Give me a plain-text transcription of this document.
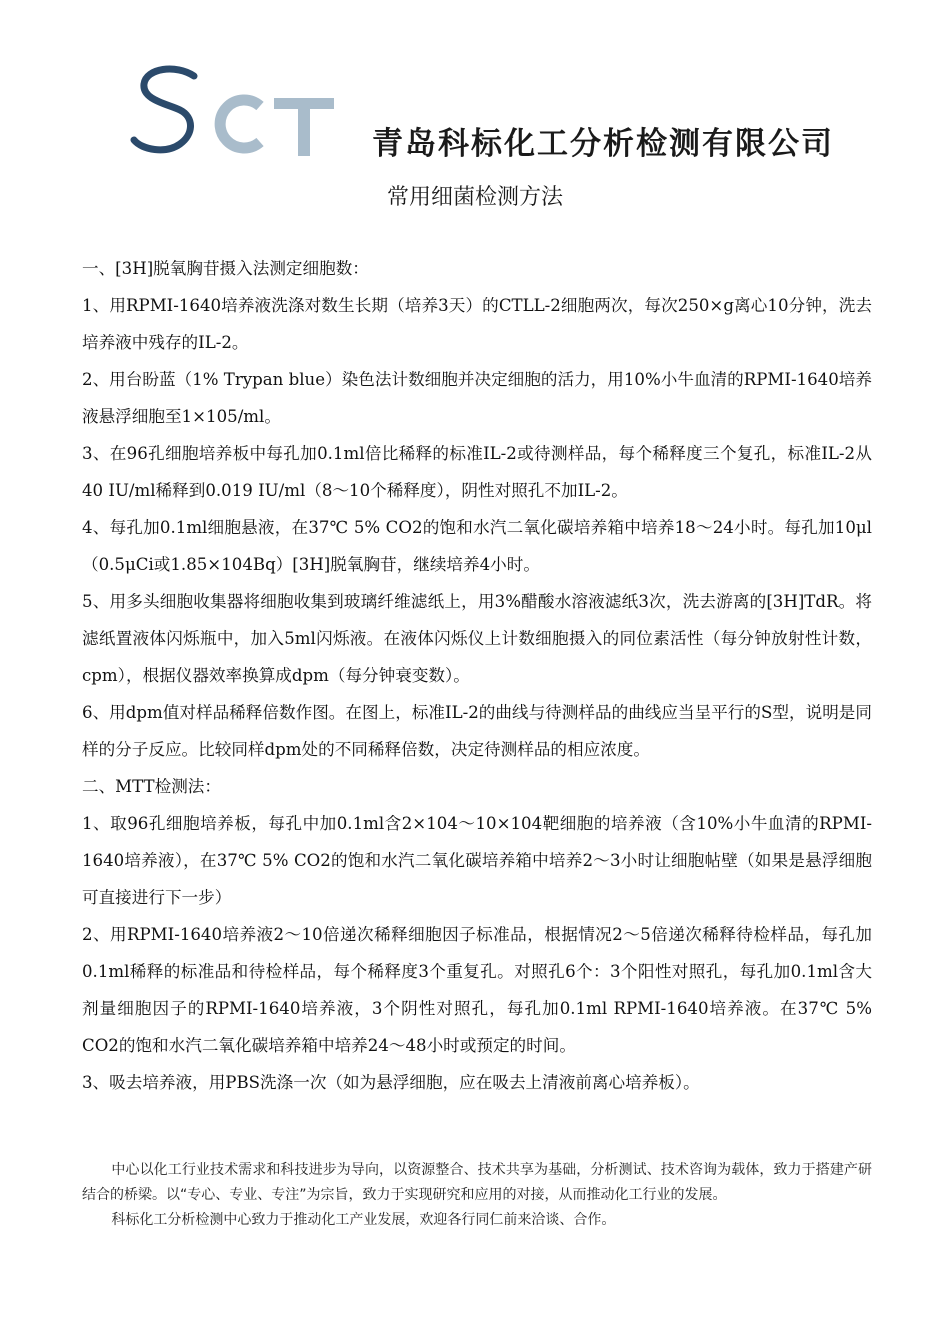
青岛科标化工分析检测有限公司
常用细菌检测方法

一、[3H]脱氧胸苷摄入法测定细胞数：

1、用RPMI-1640培养液洗涤对数生长期（培养3天）的CTLL-2细胞两次，每次250×g离心10分钟，洗去培养液中残存的IL-2。

2、用台盼蓝（1% Trypan blue）染色法计数细胞并决定细胞的活力，用10%小牛血清的RPMI-1640培养液悬浮细胞至1×105/ml。

3、在96孔细胞培养板中每孔加0.1ml倍比稀释的标准IL-2或待测样品，每个稀释度三个复孔，标准IL-2从40 IU/ml稀释到0.019 IU/ml（8～10个稀释度），阴性对照孔不加IL-2。

4、每孔加0.1ml细胞悬液，在37℃ 5% CO2的饱和水汽二氧化碳培养箱中培养18～24小时。每孔加10μl（0.5μCi或1.85×104Bq）[3H]脱氧胸苷，继续培养4小时。

5、用多头细胞收集器将细胞收集到玻璃纤维滤纸上，用3%醋酸水溶液滤纸3次，洗去游离的[3H]TdR。将滤纸置液体闪烁瓶中，加入5ml闪烁液。在液体闪烁仪上计数细胞摄入的同位素活性（每分钟放射性计数，cpm），根据仪器效率换算成dpm（每分钟衰变数）。

6、用dpm值对样品稀释倍数作图。在图上，标准IL-2的曲线与待测样品的曲线应当呈平行的S型，说明是同样的分子反应。比较同样dpm处的不同稀释倍数，决定待测样品的相应浓度。

二、MTT检测法：

1、取96孔细胞培养板，每孔中加0.1ml含2×104～10×104靶细胞的培养液（含10%小牛血清的RPMI-1640培养液），在37℃ 5% CO2的饱和水汽二氧化碳培养箱中培养2～3小时让细胞帖壁（如果是悬浮细胞可直接进行下一步）

2、用RPMI-1640培养液2～10倍递次稀释细胞因子标准品，根据情况2～5倍递次稀释待检样品，每孔加0.1ml稀释的标准品和待检样品，每个稀释度3个重复孔。对照孔6个：3个阳性对照孔，每孔加0.1ml含大剂量细胞因子的RPMI-1640培养液，3个阴性对照孔，每孔加0.1ml RPMI-1640培养液。在37℃ 5% CO2的饱和水汽二氧化碳培养箱中培养24～48小时或预定的时间。

3、吸去培养液，用PBS洗涤一次（如为悬浮细胞，应在吸去上清液前离心培养板）。

中心以化工行业技术需求和科技进步为导向，以资源整合、技术共享为基础，分析测试、技术咨询为载体，致力于搭建产研结合的桥梁。以“专心、专业、专注”为宗旨，致力于实现研究和应用的对接，从而推动化工行业的发展。

科标化工分析检测中心致力于推动化工产业发展，欢迎各行同仁前来洽谈、合作。
